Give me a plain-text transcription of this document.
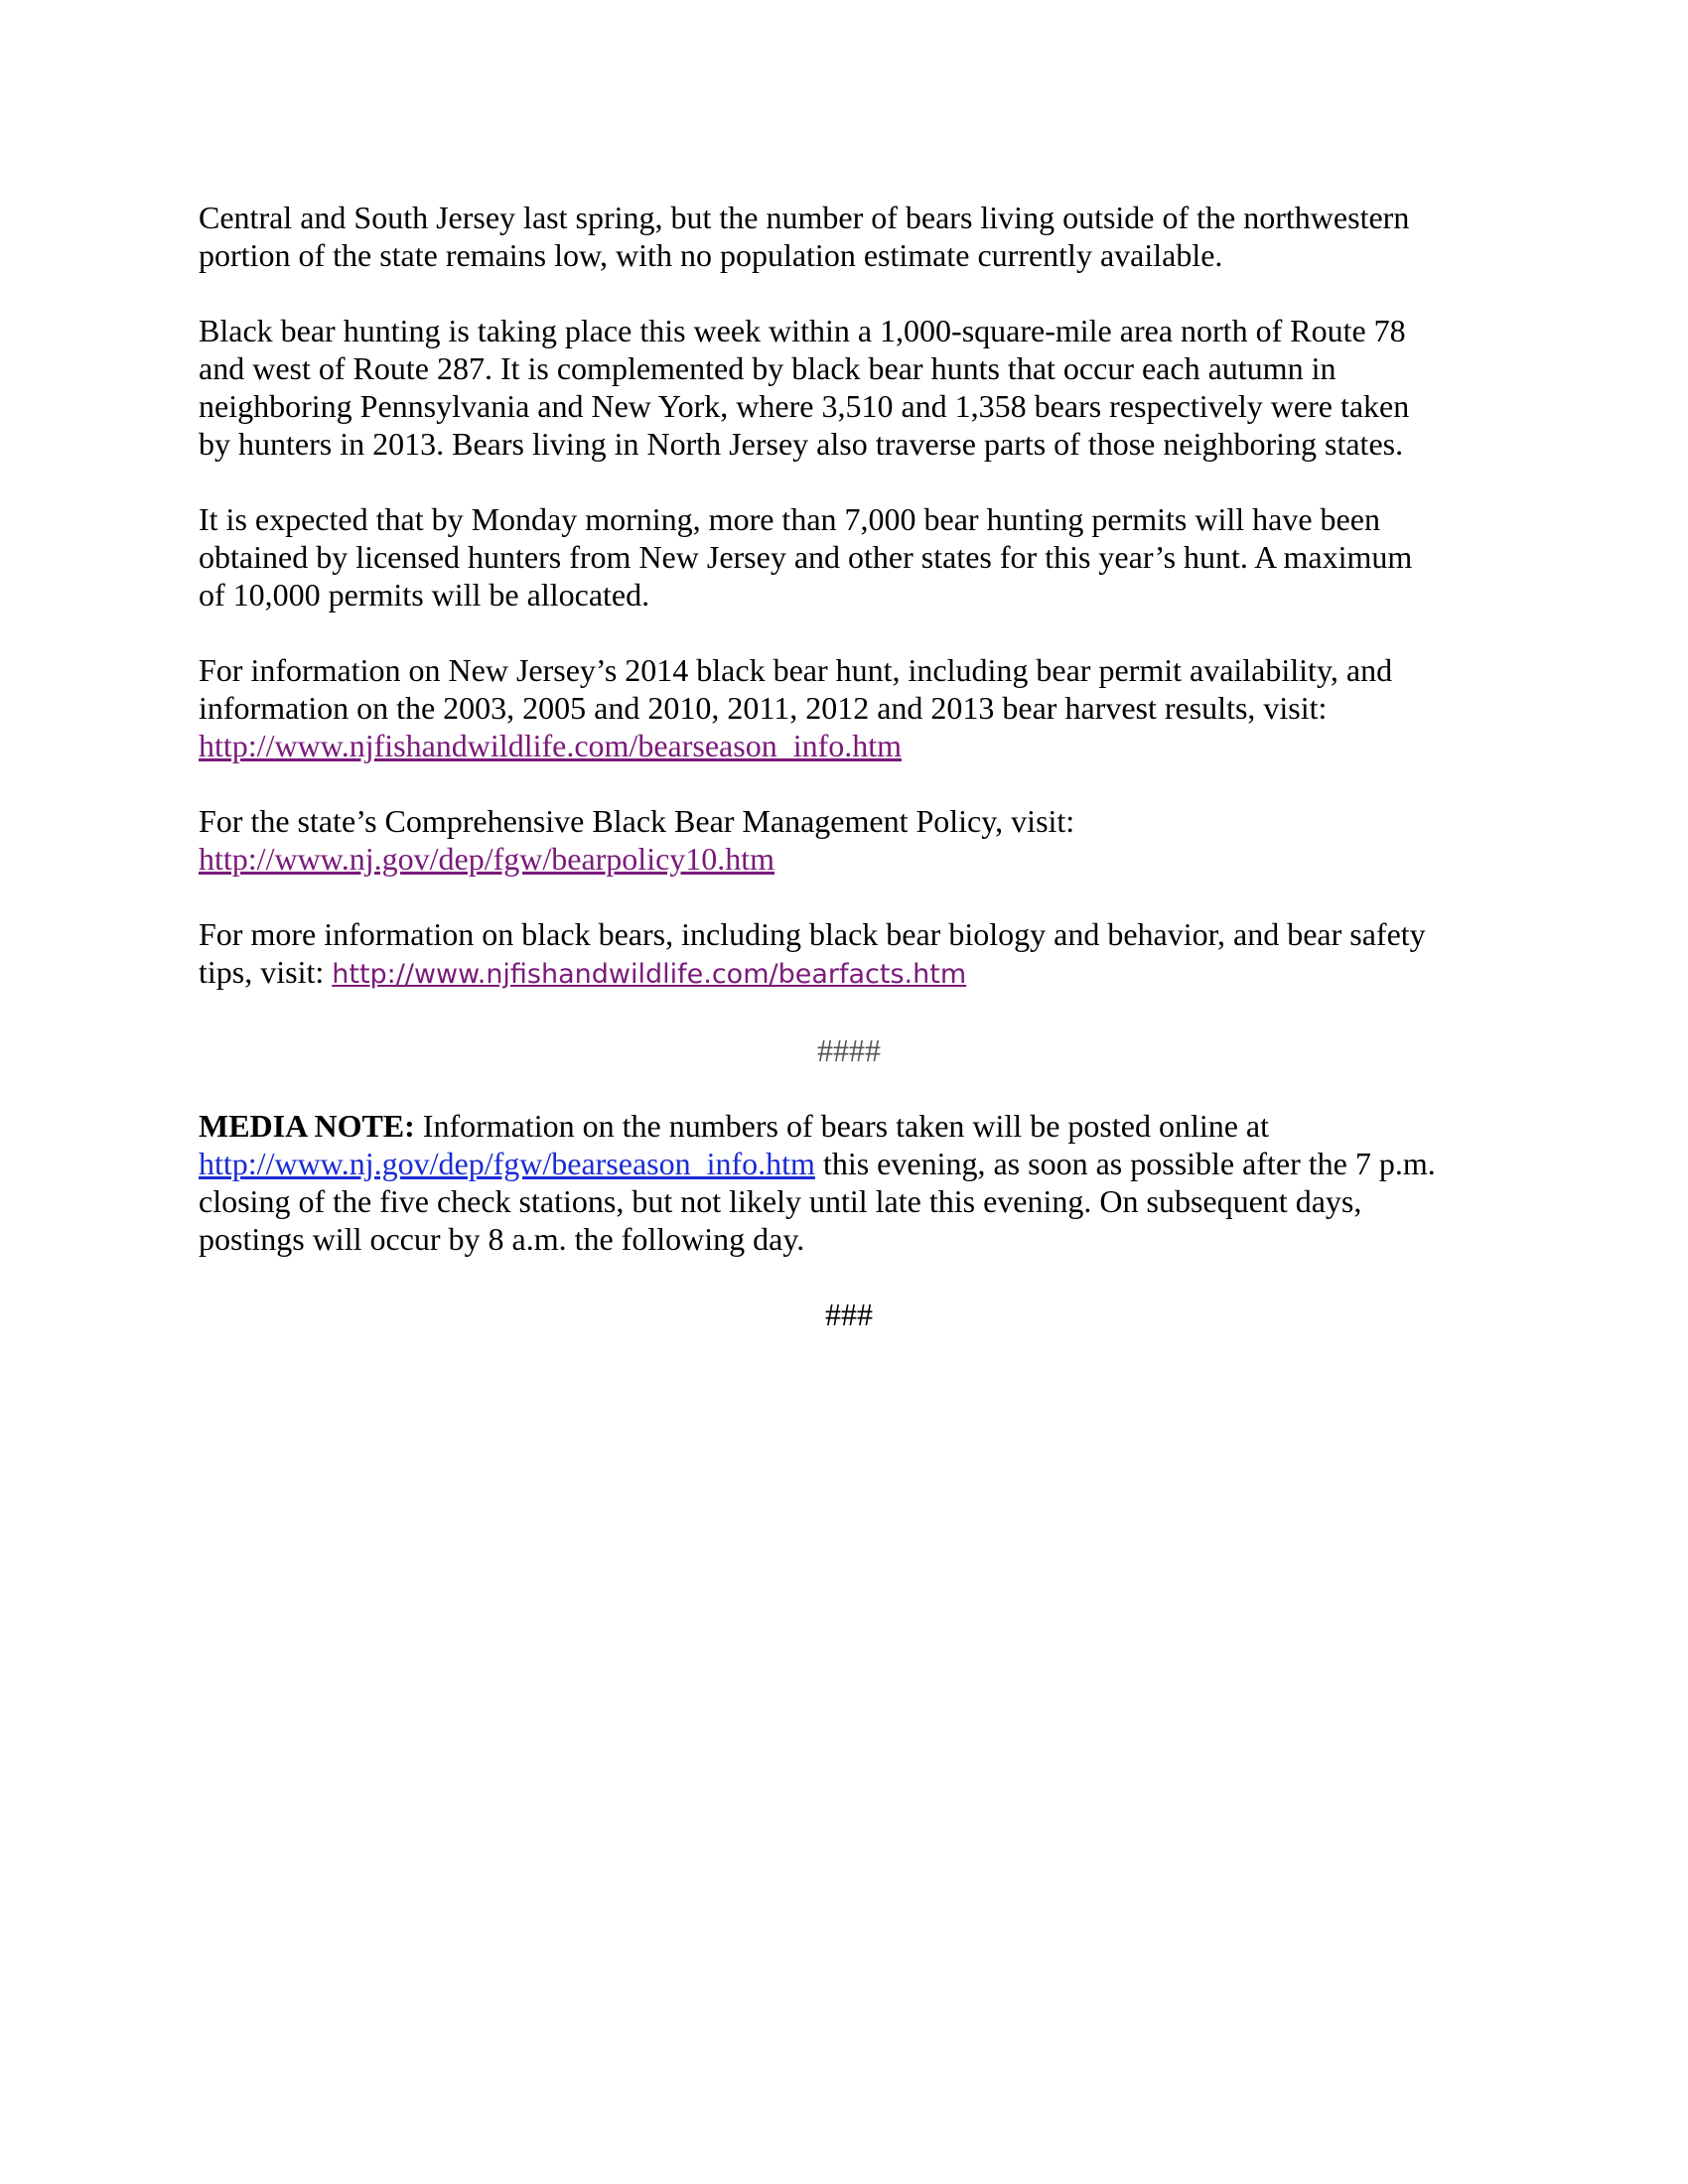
Central and South Jersey last spring, but the number of bears living outside of the northwestern
portion of the state remains low, with no population estimate currently available.

Black bear hunting is taking place this week within a 1,000-square-mile area north of Route 78
and west of Route 287. It is complemented by black bear hunts that occur each autumn in
neighboring Pennsylvania and New York, where 3,510 and 1,358 bears respectively were taken
by hunters in 2013. Bears living in North Jersey also traverse parts of those neighboring states.

It is expected that by Monday morning, more than 7,000 bear hunting permits will have been
obtained by licensed hunters from New Jersey and other states for this year’s hunt. A maximum
of 10,000 permits will be allocated.

For information on New Jersey’s 2014 black bear hunt, including bear permit availability, and
information on the 2003, 2005 and 2010, 2011, 2012 and 2013 bear harvest results, visit:
http://www.njfishandwildlife.com/bearseason_info.htm

For the state’s Comprehensive Black Bear Management Policy, visit:
http://www.nj.gov/dep/fgw/bearpolicy10.htm

For more information on black bears, including black bear biology and behavior, and bear safety
tips, visit: http://www.njfishandwildlife.com/bearfacts.htm

####

MEDIA NOTE: Information on the numbers of bears taken will be posted online at
http://www.nj.gov/dep/fgw/bearseason_info.htm this evening, as soon as possible after the 7 p.m.
closing of the five check stations, but not likely until late this evening. On subsequent days,
postings will occur by 8 a.m. the following day.

###
